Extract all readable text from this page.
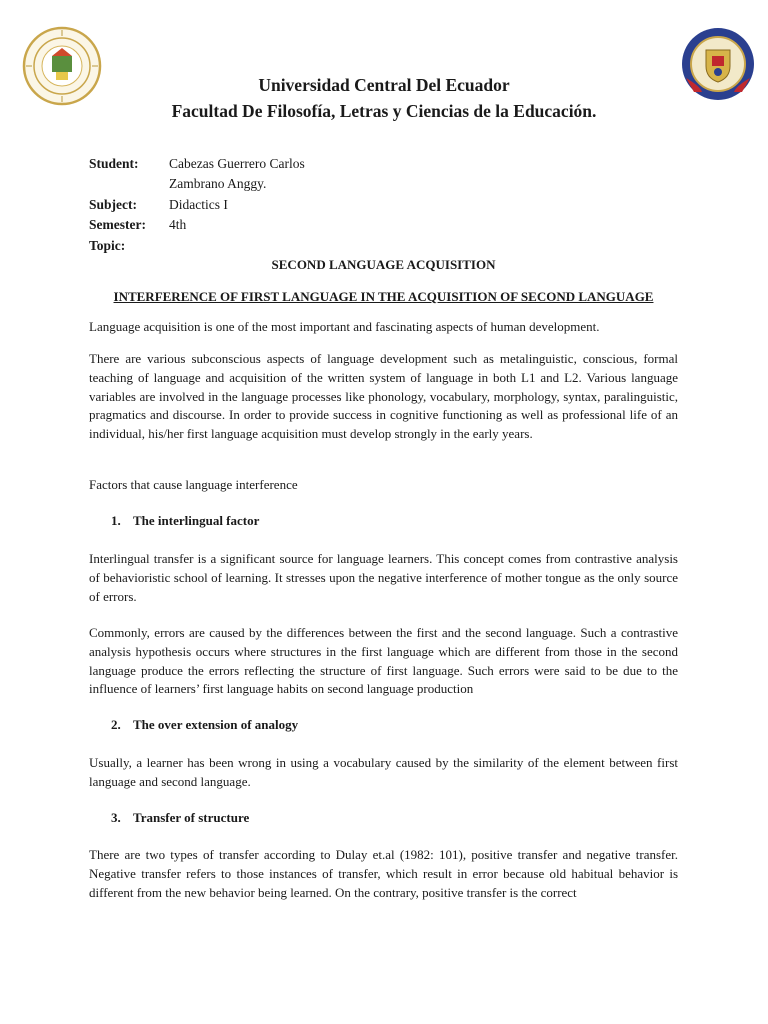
Universidad Central Del Ecuador
Facultad De Filosofía, Letras y Ciencias de la Educación.
Student:	Cabezas Guerrero Carlos
Zambrano Anggy.
Subject:	Didactics I
Semester:	4th
Topic:
SECOND LANGUAGE ACQUISITION
INTERFERENCE OF FIRST LANGUAGE IN THE ACQUISITION OF SECOND LANGUAGE
Language acquisition is one of the most important and fascinating aspects of human development.
There are various subconscious aspects of language development such as metalinguistic, conscious, formal teaching of language and acquisition of the written system of language in both L1 and L2. Various language variables are involved in the language processes like phonology, vocabulary, morphology, syntax, paralinguistic, pragmatics and discourse. In order to provide success in cognitive functioning as well as professional life of an individual, his/her first language acquisition must develop strongly in the early years.
Factors that cause language interference
1. The interlingual factor
Interlingual transfer is a significant source for language learners. This concept comes from contrastive analysis of behavioristic school of learning. It stresses upon the negative interference of mother tongue as the only source of errors.
Commonly, errors are caused by the differences between the first and the second language. Such a contrastive analysis hypothesis occurs where structures in the first language which are different from those in the second language produce the errors reflecting the structure of first language. Such errors were said to be due to the influence of learners’ first language habits on second language production
2. The over extension of analogy
Usually, a learner has been wrong in using a vocabulary caused by the similarity of the element between first language and second language.
3. Transfer of structure
There are two types of transfer according to Dulay et.al (1982: 101), positive transfer and negative transfer. Negative transfer refers to those instances of transfer, which result in error because old habitual behavior is different from the new behavior being learned. On the contrary, positive transfer is the correct
